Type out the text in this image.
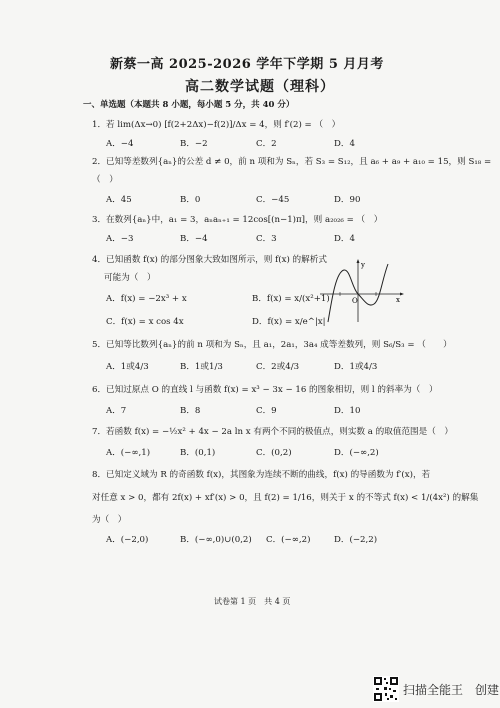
新蔡一高 2025-2026 学年下学期 5 月月考
高二数学试题（理科）
一、单选题（本题共 8 小题，每小题 5 分，共 40 分）
1．若 lim(Δx→0) [f(2+2Δx)−f(2)]/Δx = 4，则 f′(2) = （　）
A．−4	B．−2	C．2	D．4
2．已知等差数列{aₙ}的公差 d ≠ 0，前 n 项和为 Sₙ，若 S₃ = S₁₂，且 a₆ + a₉ + a₁₀ = 15，则 S₁₈ =
（　）
A．45	B．0	C．−45	D．90
3．在数列{aₙ}中，a₁ = 3，aₙaₙ₊₁ = 12cos[(n−1)π]，则 a₂₀₂₆ = （　）
A．−3	B．−4	C．3	D．4
4．已知函数 f(x) 的部分图象大致如图所示，则 f(x) 的解析式
可能为（　）
A．f(x) = −2x³ + x	B．f(x) = x/(x²+1)
C．f(x) = x cos 4x	D．f(x) = x/e^|x|
y
x
O
5．已知等比数列{aₙ}的前 n 项和为 Sₙ，且 a₁，2a₁，3a₄ 成等差数列，则 S₆/S₃ = （　　）
A．1或4/3	B．1或1/3	C．2或4/3	D．1或4/3
6．已知过原点 O 的直线 l 与函数 f(x) = x³ − 3x − 16 的图象相切，则 l 的斜率为（　）
A．7	B．8	C．9	D．10
7．若函数 f(x) = −½x² + 4x − 2a ln x 有两个不同的极值点，则实数 a 的取值范围是（　）
A．(−∞,1)	B．(0,1)	C．(0,2)	D．(−∞,2)
8．已知定义域为 R 的奇函数 f(x)，其图象为连续不断的曲线，f(x) 的导函数为 f′(x)，若
对任意 x > 0，都有 2f(x) + xf′(x) > 0，且 f(2) = 1/16，则关于 x 的不等式 f(x) < 1/(4x²) 的解集
为（　）
A．(−2,0)	B．(−∞,0)∪(0,2) C．(−∞,2)	D．(−2,2)
试卷第 1 页　共 4 页
扫描全能王　创建
